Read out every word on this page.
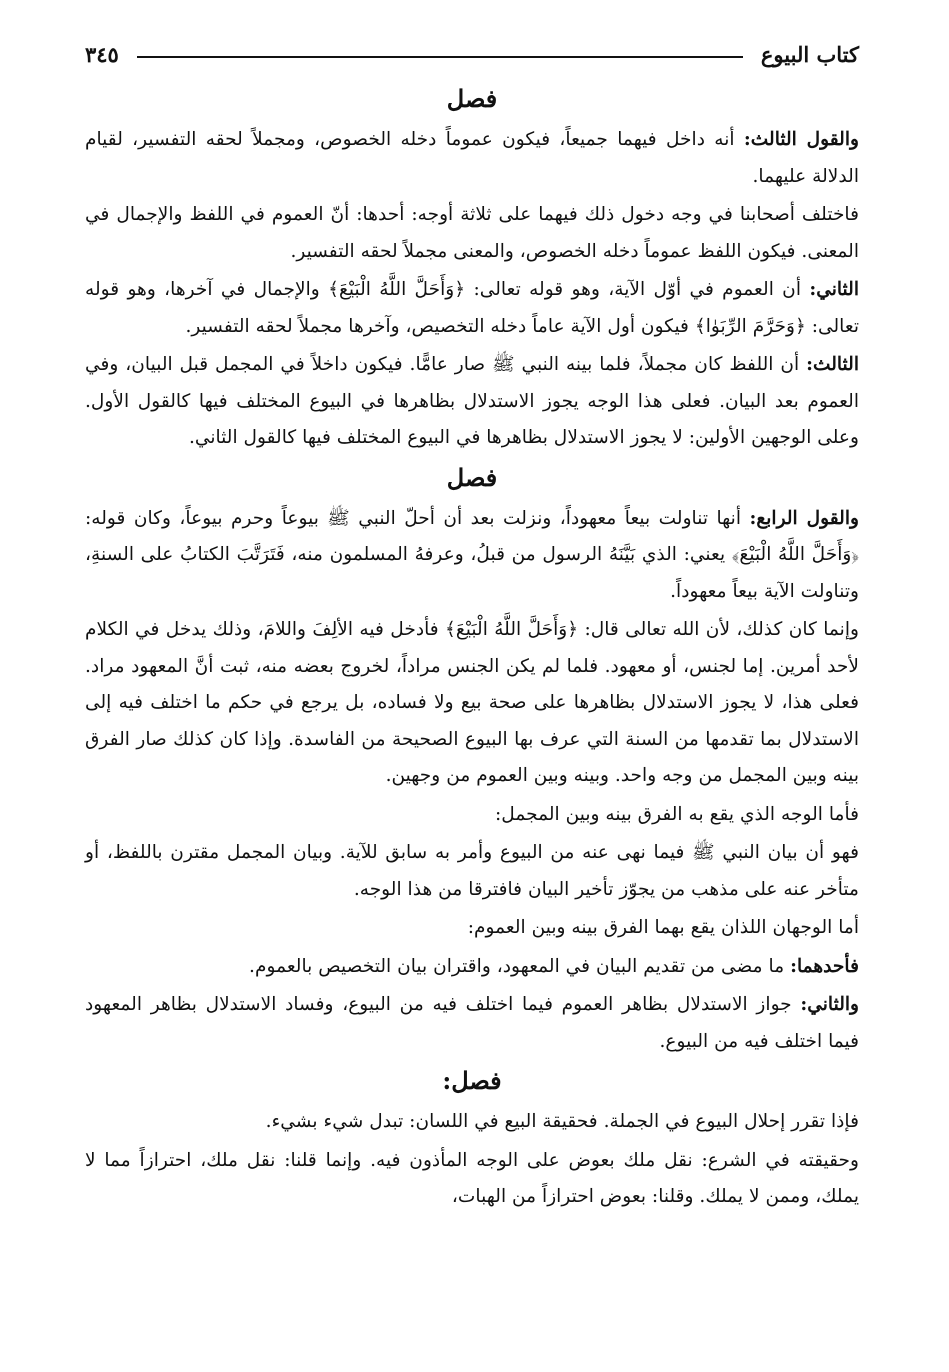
كتاب البيوع
٣٤٥
فصل

والقول الثالث: أنه داخل فيهما جميعاً، فيكون عموماً دخله الخصوص، ومجملاً لحقه التفسير، لقيام الدلالة عليهما.

فاختلف أصحابنا في وجه دخول ذلك فيهما على ثلاثة أوجه: أحدها: أنّ العموم في اللفظ والإجمال في المعنى. فيكون اللفظ عموماً دخله الخصوص، والمعنى مجملاً لحقه التفسير.

الثاني: أن العموم في أوّل الآية، وهو قوله تعالى: ﴿وَأَحَلَّ اللَّهُ الْبَيْعَ﴾ والإجمال في آخرها، وهو قوله تعالى: ﴿وَحَرَّمَ الرِّبَوٰا﴾ فيكون أول الآية عاماً دخله التخصيص، وآخرها مجملاً لحقه التفسير.

الثالث: أن اللفظ كان مجملاً، فلما بينه النبي ﷺ صار عامًّا. فيكون داخلاً في المجمل قبل البيان، وفي العموم بعد البيان. فعلى هذا الوجه يجوز الاستدلال بظاهرها في البيوع المختلف فيها كالقول الأول. وعلى الوجهين الأولين: لا يجوز الاستدلال بظاهرها في البيوع المختلف فيها كالقول الثاني.

فصل

والقول الرابع: أنها تناولت بيعاً معهوداً، ونزلت بعد أن أحلّ النبي ﷺ بيوعاً وحرم بيوعاً، وكان قوله: ﴿وَأَحَلَّ اللَّهُ الْبَيْعَ﴾ يعني: الذي بَيَّنَهُ الرسول من قبلُ، وعرفهُ المسلمون منه، فَتَرَتَّبَ الكتابُ على السنةِ، وتناولت الآية بيعاً معهوداً.

وإنما كان كذلك، لأن الله تعالى قال: ﴿وَأَحَلَّ اللَّهُ الْبَيْعَ﴾ فأدخل فيه الألِفَ واللامَ، وذلك يدخل في الكلام لأحد أمرين. إما لجنس، أو معهود. فلما لم يكن الجنس مراداً، لخروج بعضه منه، ثبت أنَّ المعهود مراد. فعلى هذا، لا يجوز الاستدلال بظاهرها على صحة بيع ولا فساده، بل يرجع في حكم ما اختلف فيه إلى الاستدلال بما تقدمها من السنة التي عرف بها البيوع الصحيحة من الفاسدة. وإذا كان كذلك صار الفرق بينه وبين المجمل من وجه واحد. وبينه وبين العموم من وجهين.

فأما الوجه الذي يقع به الفرق بينه وبين المجمل:

فهو أن بيان النبي ﷺ فيما نهى عنه من البيوع وأمر به سابق للآية. وبيان المجمل مقترن باللفظ، أو متأخر عنه على مذهب من يجوّز تأخير البيان فافترقا من هذا الوجه.

أما الوجهان اللذان يقع بهما الفرق بينه وبين العموم:

فأحدهما: ما مضى من تقديم البيان في المعهود، واقتران بيان التخصيص بالعموم.

والثاني: جواز الاستدلال بظاهر العموم فيما اختلف فيه من البيوع، وفساد الاستدلال بظاهر المعهود فيما اختلف فيه من البيوع.

فصل:

فإذا تقرر إحلال البيوع في الجملة. فحقيقة البيع في اللسان: تبدل شيء بشيء.

وحقيقته في الشرع: نقل ملك بعوض على الوجه المأذون فيه. وإنما قلنا: نقل ملك، احترازاً مما لا يملك، وممن لا يملك. وقلنا: بعوض احترازاً من الهبات،
